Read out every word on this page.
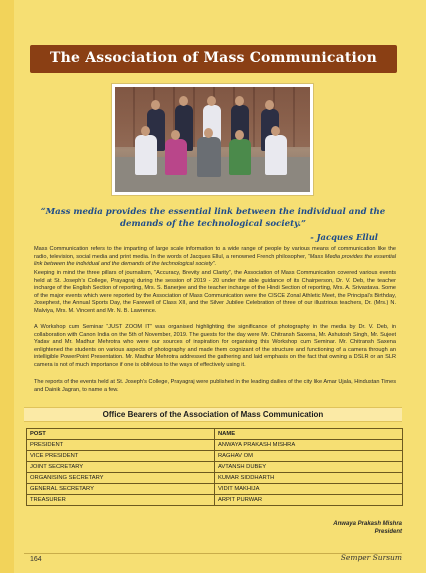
The Association of Mass Communication
“Mass media provides the essential link between the individual and the demands of the technological society.”
- Jacques Ellul
Mass Communication refers to the imparting of large scale information to a wide range of people by various means of communication like the radio, television, social media and print media. In the words of Jacques Ellul, a renowned French philosopher, “Mass Media provides the essential link between the individual and the demands of the technological society”.
Keeping in mind the three pillars of journalism, “Accuracy, Brevity and Clarity”, the Association of Mass Communication covered various events held at St. Joseph’s College, Prayagraj during the session of 2019 - 20 under the able guidance of its Chairperson, Dr. V. Deb, the teacher incharge of the English Section of reporting, Mrs. S. Banerjee and the teacher incharge of the Hindi Section of reporting, Mrs. A. Srivastava. Some of the major events which were reported by the Association of Mass Communication were the CISCE Zonal Athletic Meet, the Principal’s Birthday, Josephest, the Annual Sports Day, the Farewell of Class XII, and the Silver Jubilee Celebration of three of our illustrious teachers, Dr. (Mrs.) N. Malviya, Mrs. M. Vincent and Mr. N. B. Lawrence.
A Workshop cum Seminar “JUST ZOOM IT” was organised highlighting the significance of photography in the media by Dr. V. Deb, in collaboration with Canon India on the 5th of November, 2019. The guests for the day were Mr. Chitransh Saxena, Mr. Ashutosh Singh, Mr. Sujeet Yadav and Mr. Madhur Mehrotra who were our sources of inspiration for organising this Workshop cum Seminar. Mr. Chitransh Saxena enlightened the students on various aspects of photography and made them cognizant of the structure and functioning of a camera through an intelligible PowerPoint Presentation. Mr. Madhur Mehrotra addressed the gathering and laid emphasis on the fact that owning a DSLR or an SLR camera is not of much importance if one is oblivious to the ways of effectively using it.
The reports of the events held at St. Joseph’s College, Prayagraj were published in the leading dailies of the city like Amar Ujala, Hindustan Times and Dainik Jagran, to name a few.
Office Bearers of the Association of Mass Communication
POST	NAME
PRESIDENT	ANWAYA PRAKASH MISHRA
VICE PRESIDENT	RAGHAV OM
JOINT SECRETARY	AVTANSH DUBEY
ORGANISING SECRETARY	KUMAR SIDDHARTH
GENERAL SECRETARY	VIDIT MAKHIJA
TREASURER	ARPIT PURWAR
Anwaya Prakash Mishra
President
164	Semper Sursum
